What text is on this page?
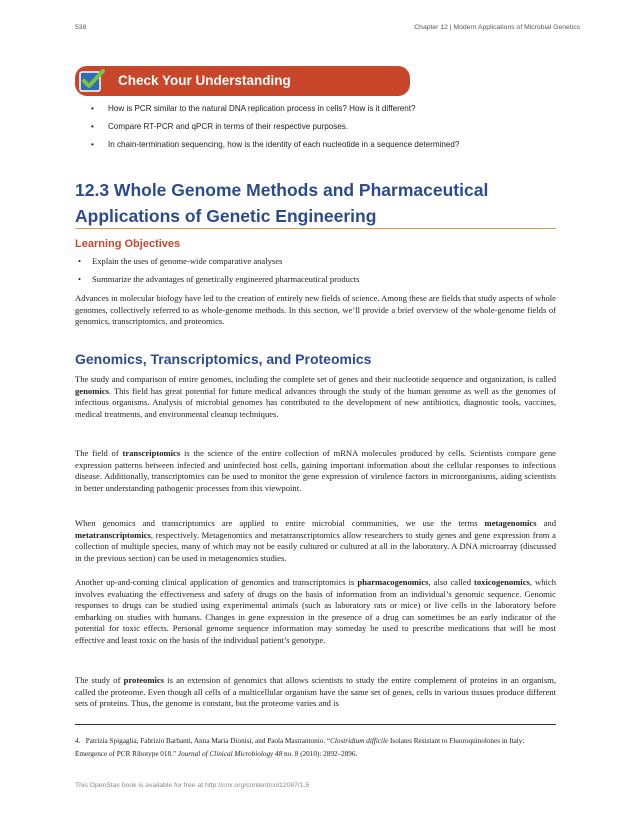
538	Chapter 12 | Modern Applications of Microbial Genetics
Check Your Understanding
• How is PCR similar to the natural DNA replication process in cells? How is it different?
• Compare RT-PCR and qPCR in terms of their respective purposes.
• In chain-termination sequencing, how is the identity of each nucleotide in a sequence determined?
12.3 Whole Genome Methods and Pharmaceutical
Applications of Genetic Engineering
Learning Objectives
• Explain the uses of genome-wide comparative analyses
• Summarize the advantages of genetically engineered pharmaceutical products

Advances in molecular biology have led to the creation of entirely new fields of science. Among these are fields that study aspects of whole genomes, collectively referred to as whole-genome methods. In this section, we’ll provide a brief overview of the whole-genome fields of genomics, transcriptomics, and proteomics.

Genomics, Transcriptomics, and Proteomics

The study and comparison of entire genomes, including the complete set of genes and their nucleotide sequence and organization, is called genomics. This field has great potential for future medical advances through the study of the human genome as well as the genomes of infectious organisms. Analysis of microbial genomes has contributed to the development of new antibiotics, diagnostic tools, vaccines, medical treatments, and environmental cleanup techniques.

The field of transcriptomics is the science of the entire collection of mRNA molecules produced by cells. Scientists compare gene expression patterns between infected and uninfected host cells, gaining important information about the cellular responses to infectious disease. Additionally, transcriptomics can be used to monitor the gene expression of virulence factors in microorganisms, aiding scientists in better understanding pathogenic processes from this viewpoint.

When genomics and transcriptomics are applied to entire microbial communities, we use the terms metagenomics and metatranscriptomics, respectively. Metagenomics and metatranscriptomics allow researchers to study genes and gene expression from a collection of multiple species, many of which may not be easily cultured or cultured at all in the laboratory. A DNA microarray (discussed in the previous section) can be used in metagenomics studies.

Another up-and-coming clinical application of genomics and transcriptomics is pharmacogenomics, also called toxicogenomics, which involves evaluating the effectiveness and safety of drugs on the basis of information from an individual’s genomic sequence. Genomic responses to drugs can be studied using experimental animals (such as laboratory rats or mice) or live cells in the laboratory before embarking on studies with humans. Changes in gene expression in the presence of a drug can sometimes be an early indicator of the potential for toxic effects. Personal genome sequence information may someday be used to prescribe medications that will be most effective and least toxic on the basis of the individual patient’s genotype.

The study of proteomics is an extension of genomics that allows scientists to study the entire complement of proteins in an organism, called the proteome. Even though all cells of a multicellular organism have the same set of genes, cells in various tissues produce different sets of proteins. Thus, the genome is constant, but the proteome varies and is

4. Patrizia Spigaglia, Fabrizio Barbanti, Anna Maria Dionisi, and Paola Mastrantonio. “Clostridium difficile Isolates Resistant to Fluoroquinolones in Italy: Emergence of PCR Ribotype 018.” Journal of Clinical Microbiology 48 no. 8 (2010): 2892–2896.

This OpenStax book is available for free at http://cnx.org/content/col12087/1.5
